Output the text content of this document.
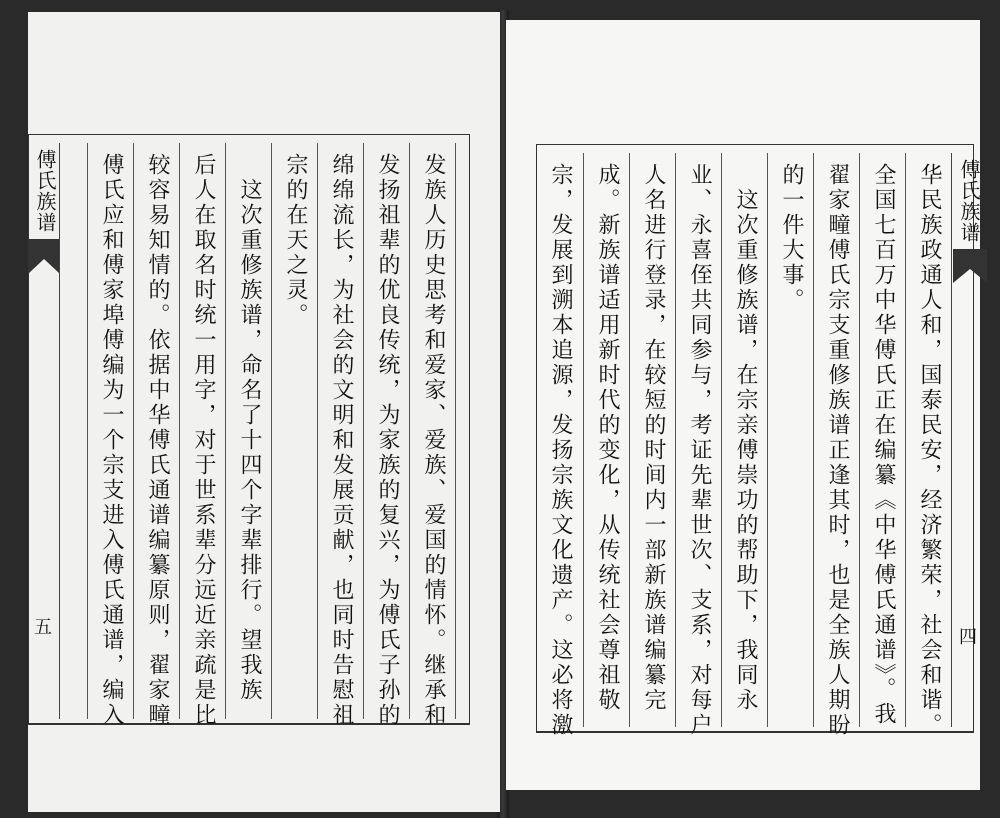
傅氏族谱
五	发族人历史思考和爱家、爱族、爱国的情怀。继承和
发扬祖辈的优良传统，为家族的复兴，为傅氏子孙的
绵绵流长，为社会的文明和发展贡献，也同时告慰祖
宗的在天之灵。
　这次重修族谱，命名了十四个字辈排行。望我族
后人在取名时统一用字，对于世系辈分远近亲疏是比
较容易知情的。依据中华傅氏通谱编纂原则，翟家疃
傅氏应和傅家埠傅编为一个宗支进入傅氏通谱，编入	华民族政通人和，国泰民安，经济繁荣，社会和谐。
全国七百万中华傅氏正在编纂《中华傅氏通谱》。我
翟家疃傅氏宗支重修族谱正逢其时，也是全族人期盼
的一件大事。
　这次重修族谱，在宗亲傅崇功的帮助下，我同永
业、永喜侄共同参与，考证先辈世次、支系，对每户
人名进行登录，在较短的时间内一部新族谱编纂完
成。新族谱适用新时代的变化，从传统社会尊祖敬
宗，发展到溯本追源，发扬宗族文化遗产。这必将激	傅氏族谱
四
